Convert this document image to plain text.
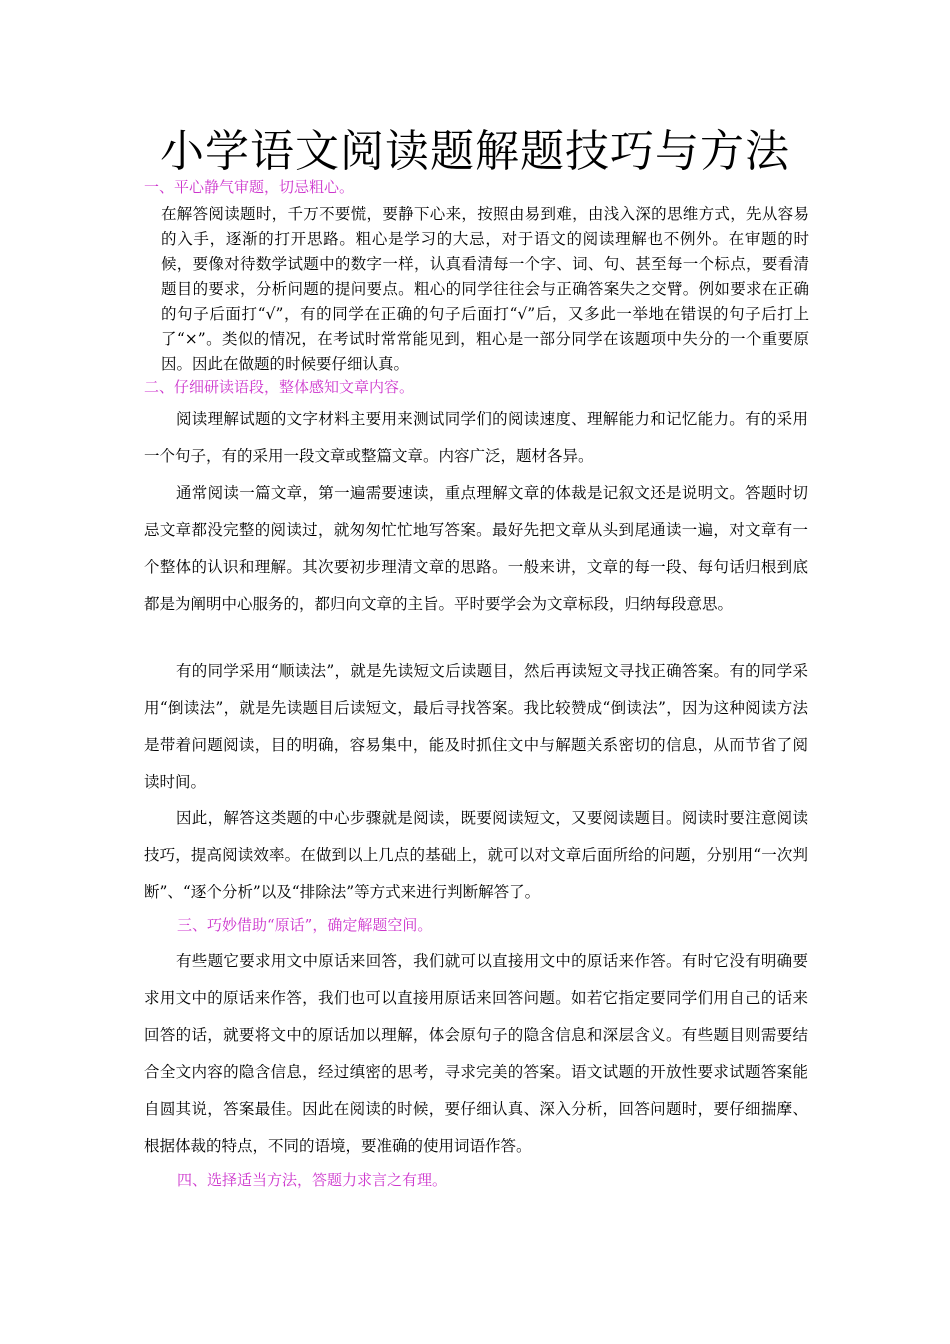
小学语文阅读题解题技巧与方法
一、平心静气审题，切忌粗心。
在解答阅读题时，千万不要慌，要静下心来，按照由易到难，由浅入深的思维方式，先从容易的入手，逐渐的打开思路。粗心是学习的大忌，对于语文的阅读理解也不例外。在审题的时候，要像对待数学试题中的数字一样，认真看清每一个字、词、句、甚至每一个标点，要看清题目的要求，分析问题的提问要点。粗心的同学往往会与正确答案失之交臂。例如要求在正确的句子后面打“√”，有的同学在正确的句子后面打“√”后，又多此一举地在错误的句子后打上了“×”。类似的情况，在考试时常常能见到，粗心是一部分同学在该题项中失分的一个重要原因。因此在做题的时候要仔细认真。
二、仔细研读语段，整体感知文章内容。
阅读理解试题的文字材料主要用来测试同学们的阅读速度、理解能力和记忆能力。有的采用一个句子，有的采用一段文章或整篇文章。内容广泛，题材各异。
通常阅读一篇文章，第一遍需要速读，重点理解文章的体裁是记叙文还是说明文。答题时切忌文章都没完整的阅读过，就匆匆忙忙地写答案。最好先把文章从头到尾通读一遍，对文章有一个整体的认识和理解。其次要初步理清文章的思路。一般来讲，文章的每一段、每句话归根到底都是为阐明中心服务的，都归向文章的主旨。平时要学会为文章标段，归纳每段意思。
有的同学采用“顺读法”，就是先读短文后读题目，然后再读短文寻找正确答案。有的同学采用“倒读法”，就是先读题目后读短文，最后寻找答案。我比较赞成“倒读法”，因为这种阅读方法是带着问题阅读，目的明确，容易集中，能及时抓住文中与解题关系密切的信息，从而节省了阅读时间。
因此，解答这类题的中心步骤就是阅读，既要阅读短文，又要阅读题目。阅读时要注意阅读技巧，提高阅读效率。在做到以上几点的基础上，就可以对文章后面所给的问题，分别用“一次判断”、“逐个分析”以及“排除法”等方式来进行判断解答了。
三、巧妙借助“原话”，确定解题空间。
有些题它要求用文中原话来回答，我们就可以直接用文中的原话来作答。有时它没有明确要求用文中的原话来作答，我们也可以直接用原话来回答问题。如若它指定要同学们用自己的话来回答的话，就要将文中的原话加以理解，体会原句子的隐含信息和深层含义。有些题目则需要结合全文内容的隐含信息，经过缜密的思考，寻求完美的答案。语文试题的开放性要求试题答案能自圆其说，答案最佳。因此在阅读的时候，要仔细认真、深入分析，回答问题时，要仔细揣摩、根据体裁的特点，不同的语境，要准确的使用词语作答。
四、选择适当方法，答题力求言之有理。
